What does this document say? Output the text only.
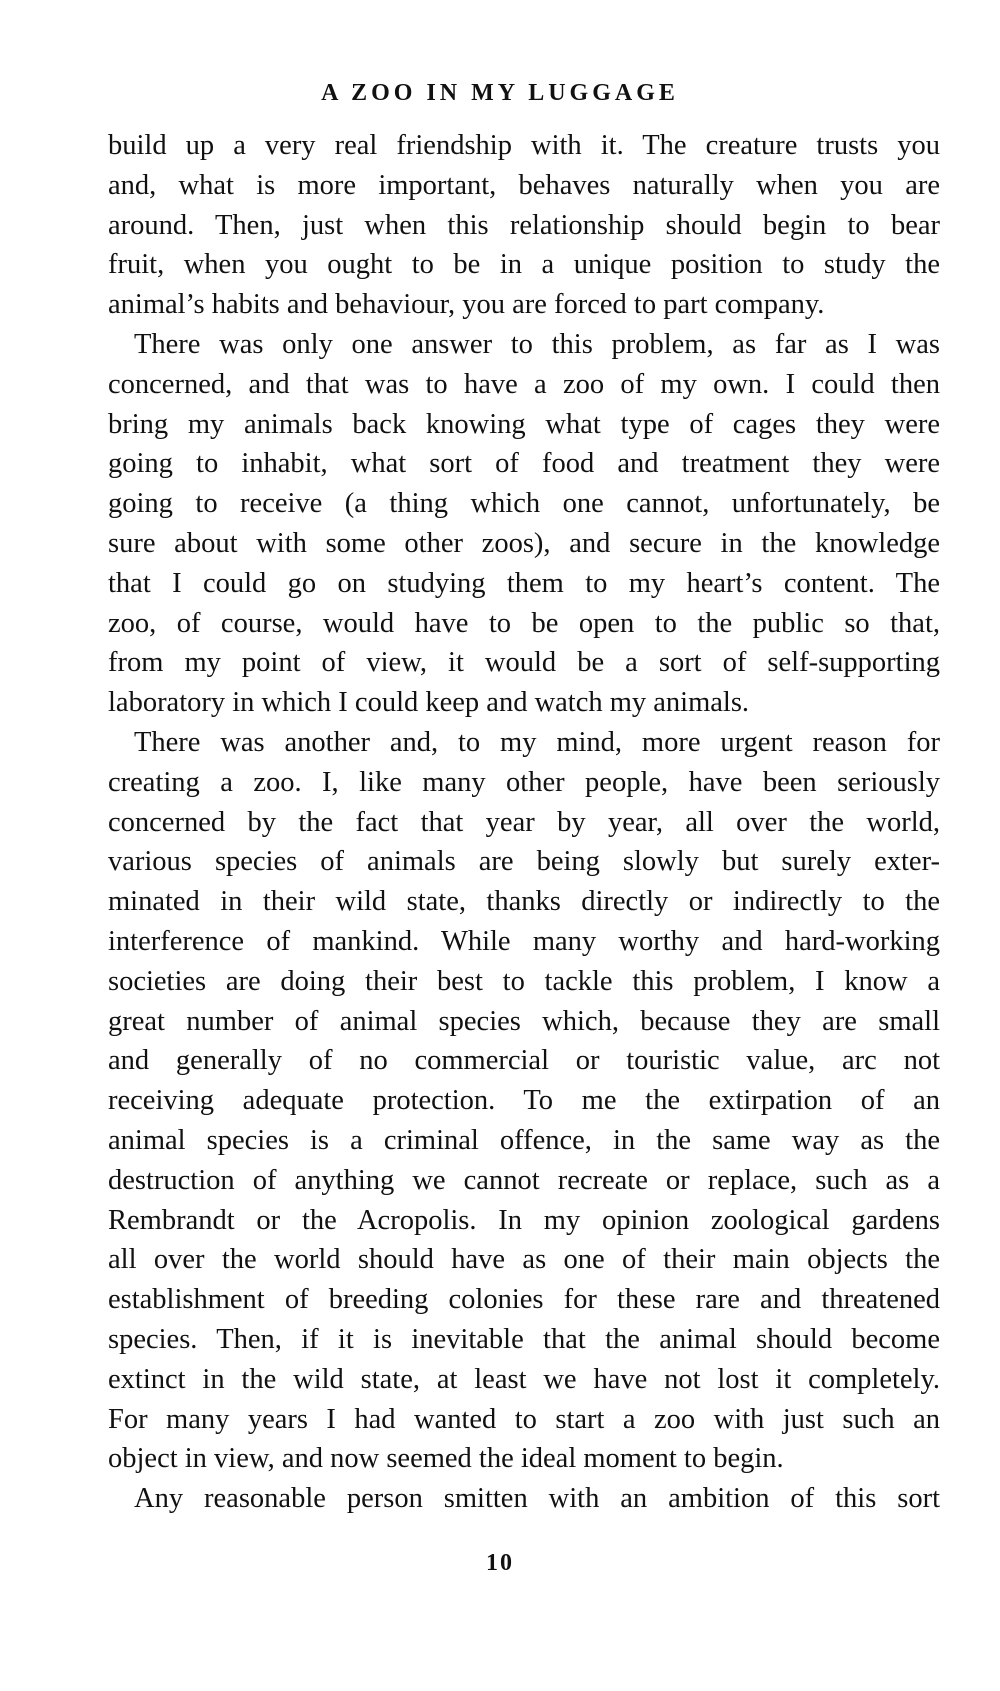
A ZOO IN MY LUGGAGE
build up a very real friendship with it. The creature trusts you
and, what is more important, behaves naturally when you are
around. Then, just when this relationship should begin to bear
fruit, when you ought to be in a unique position to study the
animal’s habits and behaviour, you are forced to part company.
There was only one answer to this problem, as far as I was
concerned, and that was to have a zoo of my own. I could then
bring my animals back knowing what type of cages they were
going to inhabit, what sort of food and treatment they were
going to receive (a thing which one cannot, unfortunately, be
sure about with some other zoos), and secure in the knowledge
that I could go on studying them to my heart’s content. The
zoo, of course, would have to be open to the public so that,
from my point of view, it would be a sort of self-supporting
laboratory in which I could keep and watch my animals.
There was another and, to my mind, more urgent reason for
creating a zoo. I, like many other people, have been seriously
concerned by the fact that year by year, all over the world,
various species of animals are being slowly but surely exter-
minated in their wild state, thanks directly or indirectly to the
interference of mankind. While many worthy and hard-working
societies are doing their best to tackle this problem, I know a
great number of animal species which, because they are small
and generally of no commercial or touristic value, arc not
receiving adequate protection. To me the extirpation of an
animal species is a criminal offence, in the same way as the
destruction of anything we cannot recreate or replace, such as a
Rembrandt or the Acropolis. In my opinion zoological gardens
all over the world should have as one of their main objects the
establishment of breeding colonies for these rare and threatened
species. Then, if it is inevitable that the animal should become
extinct in the wild state, at least we have not lost it completely.
For many years I had wanted to start a zoo with just such an
object in view, and now seemed the ideal moment to begin.
Any reasonable person smitten with an ambition of this sort
10
